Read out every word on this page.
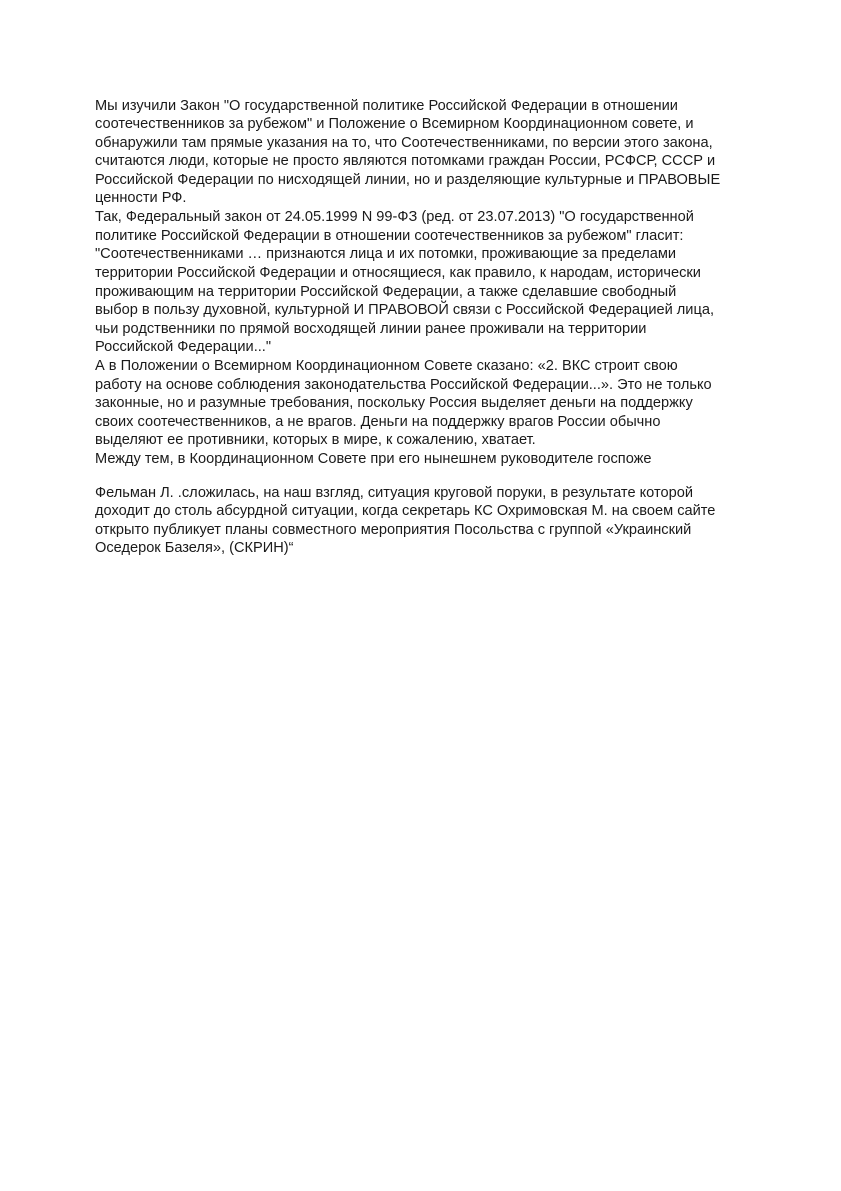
Мы изучили Закон "О государственной политике Российской Федерации в отношении

соотечественников за рубежом" и Положение о Всемирном Координационном совете, и

обнаружили там прямые указания на то, что Соотечественниками, по версии этого закона,

считаются люди, которые не просто являются потомками граждан России, РСФСР, СССР и

Российской Федерации по нисходящей линии, но и разделяющие культурные и ПРАВОВЫЕ

ценности РФ.

Так, Федеральный закон от 24.05.1999 N 99-ФЗ (ред. от 23.07.2013) "О государственной

политике Российской Федерации в отношении соотечественников за рубежом" гласит:

"Соотечественниками … признаются лица и их потомки, проживающие за пределами

территории Российской Федерации и относящиеся, как правило, к народам, исторически

проживающим на территории Российской Федерации, а также сделавшие свободный

выбор в пользу духовной, культурной И ПРАВОВОЙ связи с Российской Федерацией лица,

чьи родственники по прямой восходящей линии ранее проживали на территории

Российской Федерации..."

А в Положении о Всемирном Координационном Совете сказано: «2. ВКС строит свою

работу на основе соблюдения законодательства Российской Федерации...». Это не только

законные, но и разумные требования, поскольку Россия выделяет деньги на поддержку

своих соотечественников, а не врагов. Деньги на поддержку врагов России обычно

выделяют ее противники, которых в мире, к сожалению, хватает.

Между тем, в Координационном Совете при его нынешнем руководителе госпоже

Фельман Л. .сложилась, на наш взгляд, ситуация круговой поруки, в результате которой

доходит до столь абсурдной ситуации, когда секретарь КС Охримовская М. на своем сайте

открыто публикует планы совместного мероприятия Посольства с группой «Украинский

Оседерок Базеля», (СКРИН)“
